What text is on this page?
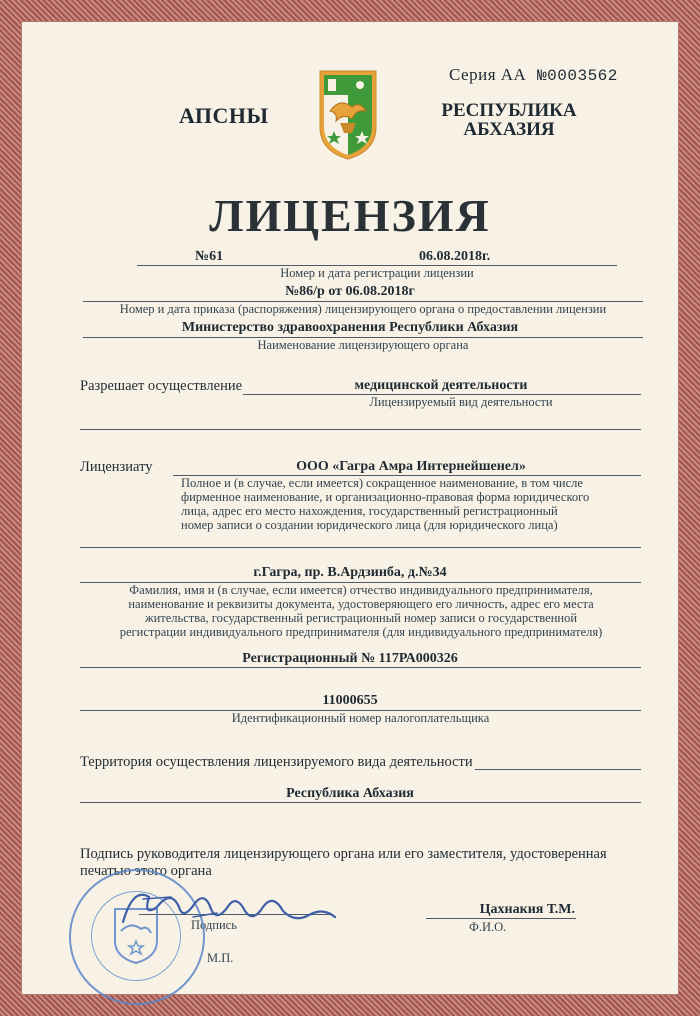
Серия АА №0003562
АПСНЫ	РЕСПУБЛИКА
АБХАЗИЯ
ЛИЦЕНЗИЯ
№61	06.08.2018г.
Номер и дата регистрации лицензии
№86/р от 06.08.2018г
Номер и дата приказа (распоряжения) лицензирующего органа о предоставлении лицензии
Министерство здравоохранения Республики Абхазия
Наименование лицензирующего органа
Разрешает осуществление	медицинской деятельности
Лицензируемый вид деятельности
Лицензиату	ООО «Гагра Амра Интернейшенел»
Полное и (в случае, если имеется) сокращенное наименование, в том числе
фирменное наименование, и организационно-правовая форма юридического
лица, адрес его место нахождения, государственный регистрационный
номер записи о создании юридического лица (для юридического лица)
г.Гагра, пр. В.Ардзинба, д.№34
Фамилия, имя и (в случае, если имеется) отчество индивидуального предпринимателя,
наименование и реквизиты документа, удостоверяющего его личность, адрес его места
жительства, государственный регистрационный номер записи о государственной
регистрации индивидуального предпринимателя (для индивидуального предпринимателя)
Регистрационный № 117РА000326
11000655
Идентификационный номер налогоплательщика
Территория осуществления лицензируемого вида деятельности
Республика Абхазия
Подпись руководителя лицензирующего органа или его заместителя, удостоверенная
печатью этого органа
Подпись
Цахнакия Т.М.
Ф.И.О.
М.П.
